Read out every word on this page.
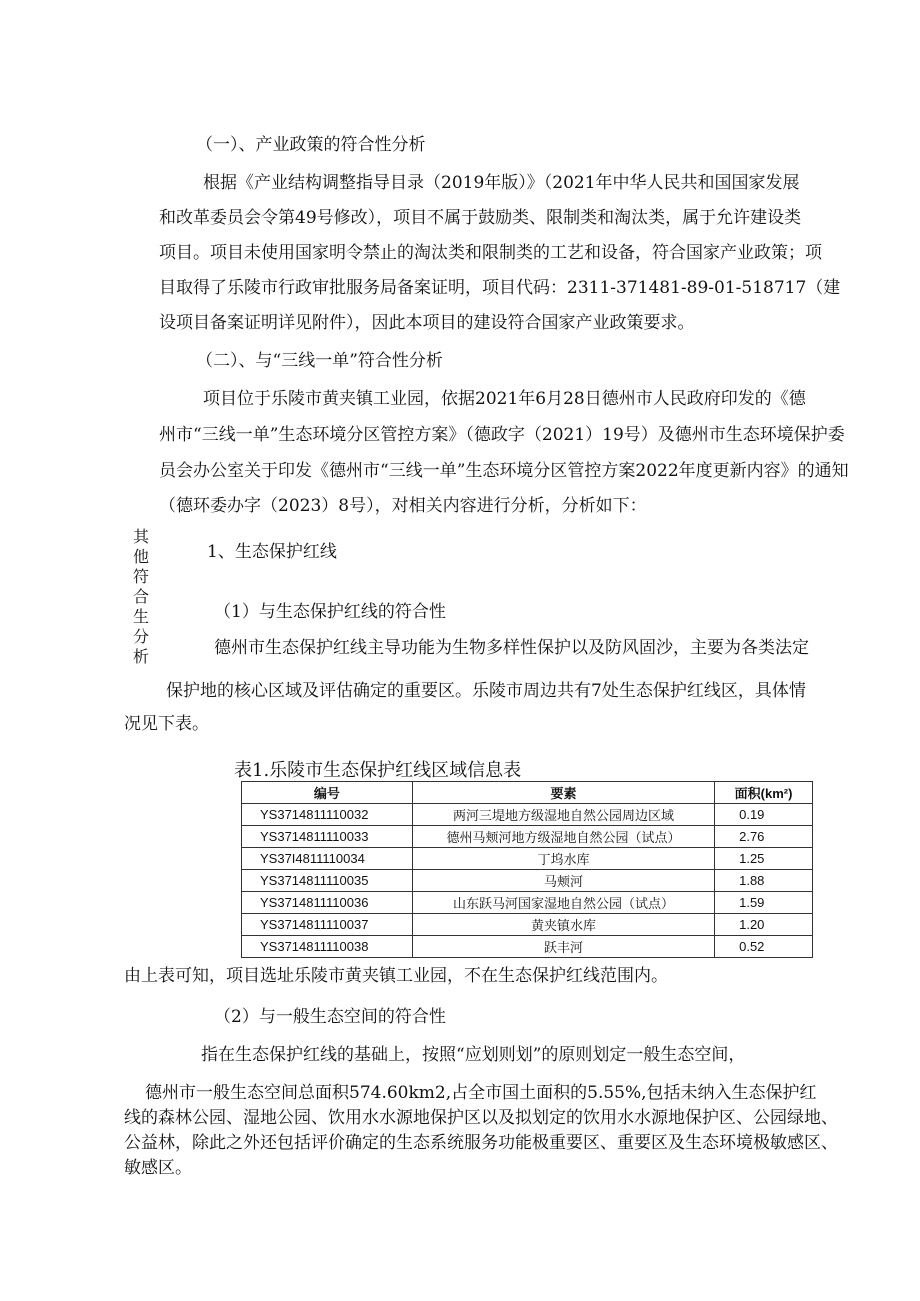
（一）、产业政策的符合性分析
根据《产业结构调整指导目录（2019年版）》（2021年中华人民共和国国家发展
和改革委员会令第49号修改），项目不属于鼓励类、限制类和淘汰类，属于允许建设类
项目。项目未使用国家明令禁止的淘汰类和限制类的工艺和设备，符合国家产业政策；项
目取得了乐陵市行政审批服务局备案证明，项目代码：2311-371481-89-01-518717（建
设项目备案证明详见附件），因此本项目的建设符合国家产业政策要求。
（二）、与“三线一单”符合性分析
项目位于乐陵市黄夹镇工业园，依据2021年6月28日德州市人民政府印发的《德
州市“三线一单”生态环境分区管控方案》（德政字（2021）19号）及德州市生态环境保护委
员会办公室关于印发《德州市“三线一单”生态环境分区管控方案2022年度更新内容》的通知
（德环委办字（2023）8号），对相关内容进行分析，分析如下：
其
他
符
合
生
分
析
1、生态保护红线
（1）与生态保护红线的符合性
德州市生态保护红线主导功能为生物多样性保护以及防风固沙，主要为各类法定
保护地的核心区域及评估确定的重要区。乐陵市周边共有7处生态保护红线区，具体情
况见下表。
表1.乐陵市生态保护红线区域信息表
编号	要素	面积(km²)
YS3714811110032	两河三堤地方级湿地自然公园周边区域	0.19
YS3714811110033	德州马颊河地方级湿地自然公园（试点）	2.76
YS37I4811110034	丁坞水库	1.25
YS3714811110035	马颊河	1.88
YS3714811110036	山东跃马河国家湿地自然公园（试点）	1.59
YS3714811110037	黄夹镇水库	1.20
YS3714811110038	跃丰河	0.52
由上表可知，项目选址乐陵市黄夹镇工业园，不在生态保护红线范围内。
（2）与一般生态空间的符合性
指在生态保护红线的基础上，按照“应划则划”的原则划定一般生态空间，
德州市一般生态空间总面积574.60km2,占全市国土面积的5.55%,包括未纳入生态保护红
线的森林公园、湿地公园、饮用水水源地保护区以及拟划定的饮用水水源地保护区、公园绿地、
公益林，除此之外还包括评价确定的生态系统服务功能极重要区、重要区及生态环境极敏感区、
敏感区。
